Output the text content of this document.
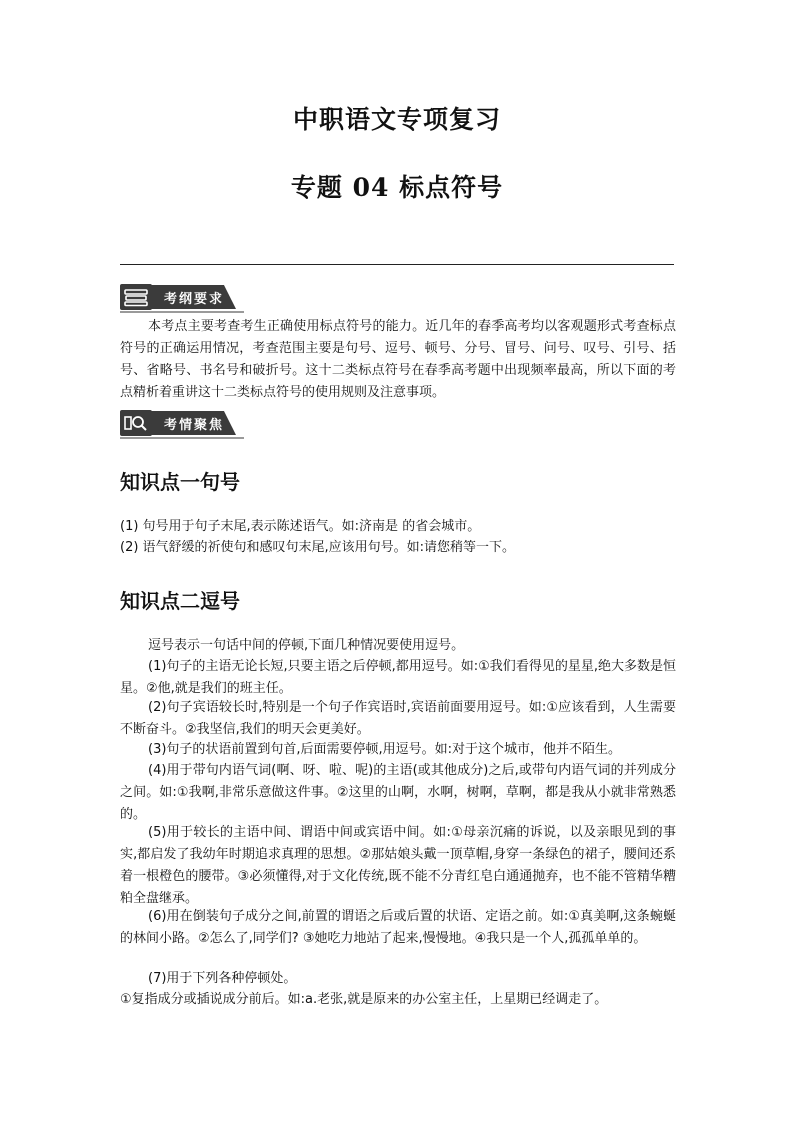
中职语文专项复习
专题 04 标点符号
考纲要求

本考点主要考查考生正确使用标点符号的能力。近几年的春季高考均以客观题形式考查标点符号的正确运用情况，考查范围主要是句号、逗号、顿号、分号、冒号、问号、叹号、引号、括号、省略号、书名号和破折号。这十二类标点符号在春季高考题中出现频率最高，所以下面的考点精析着重讲这十二类标点符号的使用规则及注意事项。

考情聚焦
知识点一句号
(1) 句号用于句子末尾,表示陈述语气。如:济南是 的省会城市。
(2) 语气舒缓的祈使句和感叹句末尾,应该用句号。如:请您稍等一下。
知识点二逗号

逗号表示一句话中间的停顿,下面几种情况要使用逗号。

(1)句子的主语无论长短,只要主语之后停顿,都用逗号。如:①我们看得见的星星,绝大多数是恒星。②他,就是我们的班主任。

(2)句子宾语较长时,特别是一个句子作宾语时,宾语前面要用逗号。如:①应该看到，人生需要不断奋斗。②我坚信,我们的明天会更美好。

(3)句子的状语前置到句首,后面需要停顿,用逗号。如:对于这个城市，他并不陌生。

(4)用于带句内语气词(啊、呀、啦、呢)的主语(或其他成分)之后,或带句内语气词的并列成分之间。如:①我啊,非常乐意做这件事。②这里的山啊，水啊，树啊，草啊，都是我从小就非常熟悉的。

(5)用于较长的主语中间、谓语中间或宾语中间。如:①母亲沉痛的诉说，以及亲眼见到的事实,都启发了我幼年时期追求真理的思想。②那姑娘头戴一顶草帽,身穿一条绿色的裙子，腰间还系着一根橙色的腰带。③必须懂得,对于文化传统,既不能不分青红皂白通通抛弃，也不能不管精华糟粕全盘继承。

(6)用在倒装句子成分之间,前置的谓语之后或后置的状语、定语之前。如:①真美啊,这条蜿蜒的林间小路。②怎么了,同学们? ③她吃力地站了起来,慢慢地。④我只是一个人,孤孤单单的。

(7)用于下列各种停顿处。

①复指成分或插说成分前后。如:a.老张,就是原来的办公室主任，上星期已经调走了。
